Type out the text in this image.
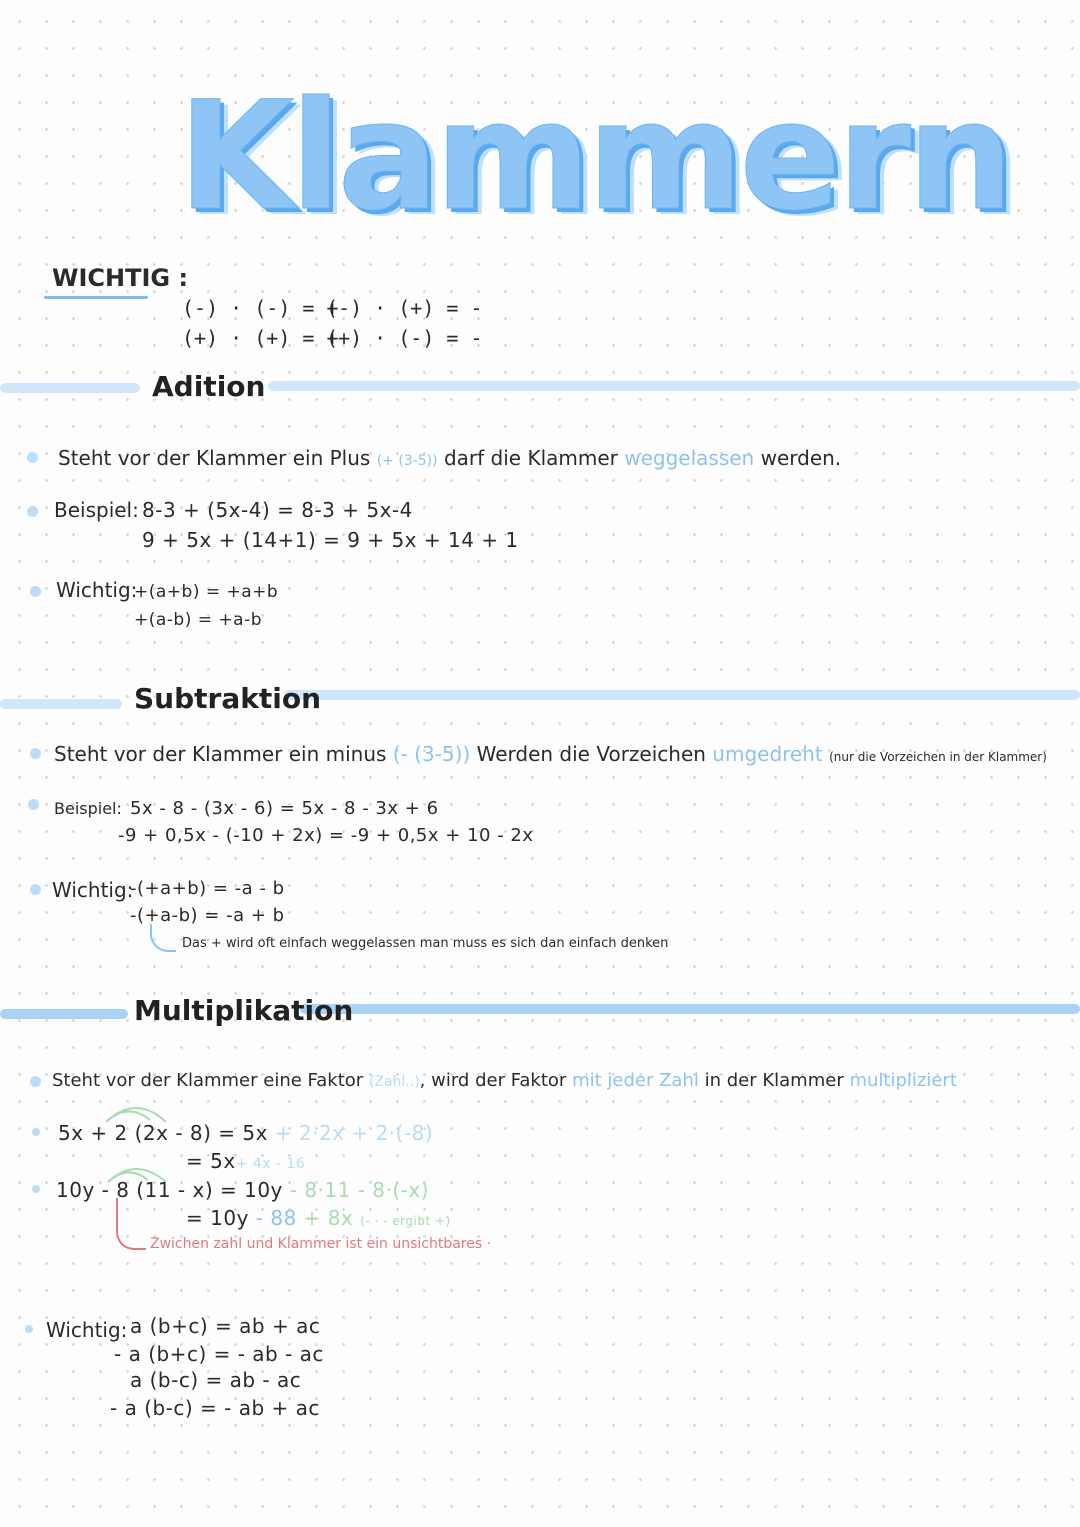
Klammern
WICHTIG :
(-) · (-) = +
(-) · (+) = -
(+) · (+) = +
(+) · (-) = -
Adition
Steht vor der Klammer ein Plus (+ (3-5)) darf die Klammer weggelassen werden.
Beispiel: 8-3 + (5x-4) = 8-3 + 5x-4
9 + 5x + (14+1) = 9 + 5x + 14 + 1
Wichtig:
+(a+b) = +a+b
+(a-b) = +a-b
Subtraktion
Steht vor der Klammer ein minus (- (3-5)) Werden die Vorzeichen umgedreht (nur die Vorzeichen in der Klammer)
Beispiel: 5x - 8 - (3x - 6) = 5x - 8 - 3x + 6
-9 + 0,5x - (-10 + 2x) = -9 + 0,5x + 10 - 2x
Wichtig:
-(+a+b) = -a - b
-(+a-b) = -a + b
Das + wird oft einfach weggelassen man muss es sich dan einfach denken
Multiplikation
Steht vor der Klammer eine Faktor (Zahl..), wird der Faktor mit jeder Zahl in der Klammer multipliziert
5x + 2 (2x - 8) = 5x + 2·2x + 2·(-8)
= 5x+ 4x - 16
10y - 8 (11 - x) = 10y - 8·11 - 8·(-x)
= 10y - 88 + 8x (- · - ergibt +)
Zwichen zahl und Klammer ist ein unsichtbares ·
Wichtig: a (b+c) = ab + ac
- a (b+c) = - ab - ac
a (b-c) = ab - ac
- a (b-c) = - ab + ac
